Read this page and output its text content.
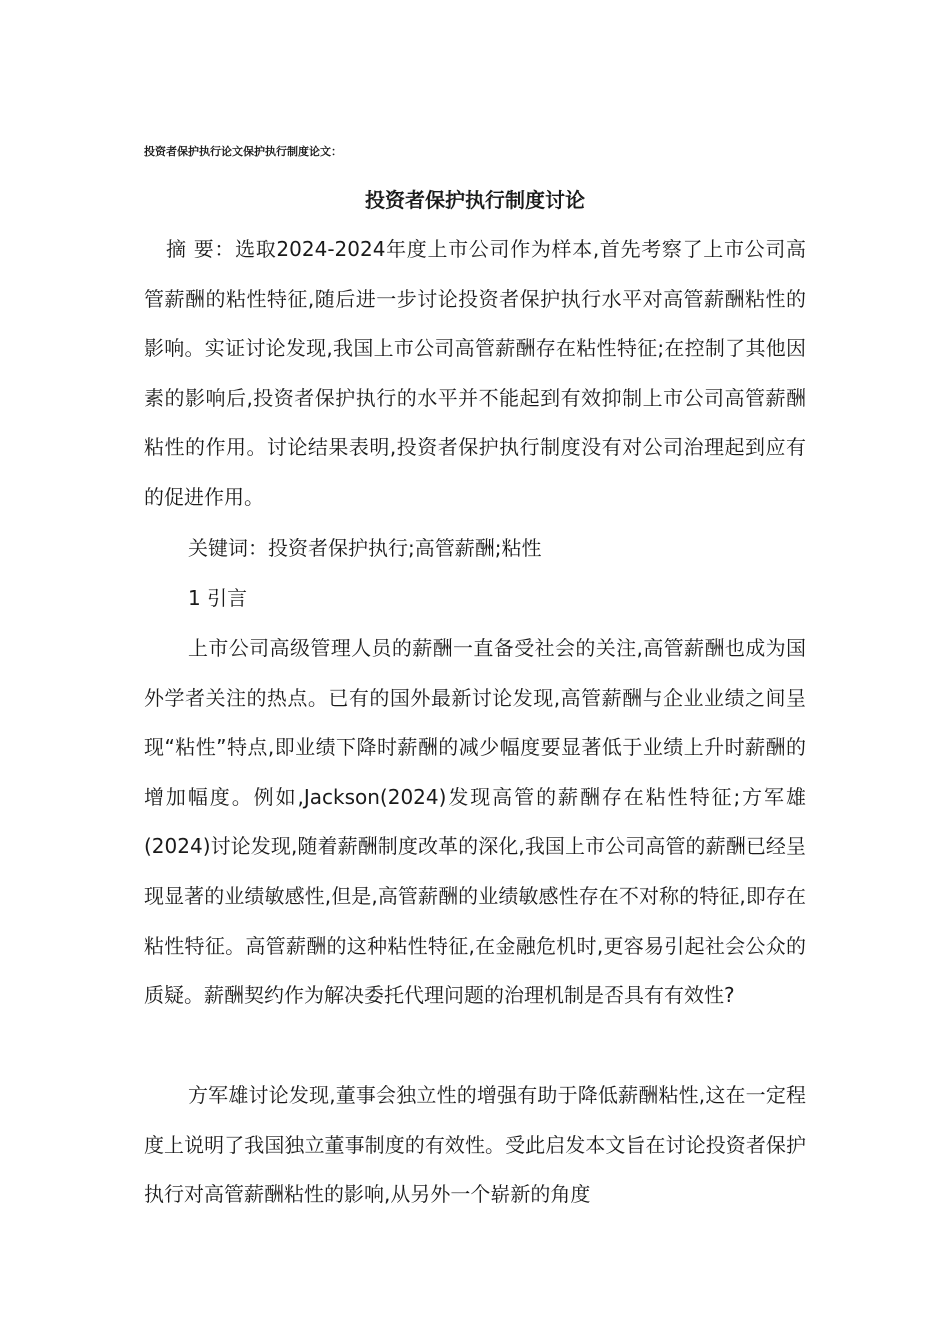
投资者保护执行论文保护执行制度论文：
投资者保护执行制度讨论

摘 要：选取2024-2024年度上市公司作为样本,首先考察了上市公司高管薪酬的粘性特征,随后进一步讨论投资者保护执行水平对高管薪酬粘性的影响。实证讨论发现,我国上市公司高管薪酬存在粘性特征;在控制了其他因素的影响后,投资者保护执行的水平并不能起到有效抑制上市公司高管薪酬粘性的作用。讨论结果表明,投资者保护执行制度没有对公司治理起到应有的促进作用。

关键词：投资者保护执行;高管薪酬;粘性

1 引言

上市公司高级管理人员的薪酬一直备受社会的关注,高管薪酬也成为国外学者关注的热点。已有的国外最新讨论发现,高管薪酬与企业业绩之间呈现“粘性”特点,即业绩下降时薪酬的减少幅度要显著低于业绩上升时薪酬的增加幅度。例如,Jackson(2024)发现高管的薪酬存在粘性特征;方军雄(2024)讨论发现,随着薪酬制度改革的深化,我国上市公司高管的薪酬已经呈现显著的业绩敏感性,但是,高管薪酬的业绩敏感性存在不对称的特征,即存在粘性特征。高管薪酬的这种粘性特征,在金融危机时,更容易引起社会公众的质疑。薪酬契约作为解决委托代理问题的治理机制是否具有有效性?

方军雄讨论发现,董事会独立性的增强有助于降低薪酬粘性,这在一定程度上说明了我国独立董事制度的有效性。受此启发本文旨在讨论投资者保护执行对高管薪酬粘性的影响,从另外一个崭新的角度
